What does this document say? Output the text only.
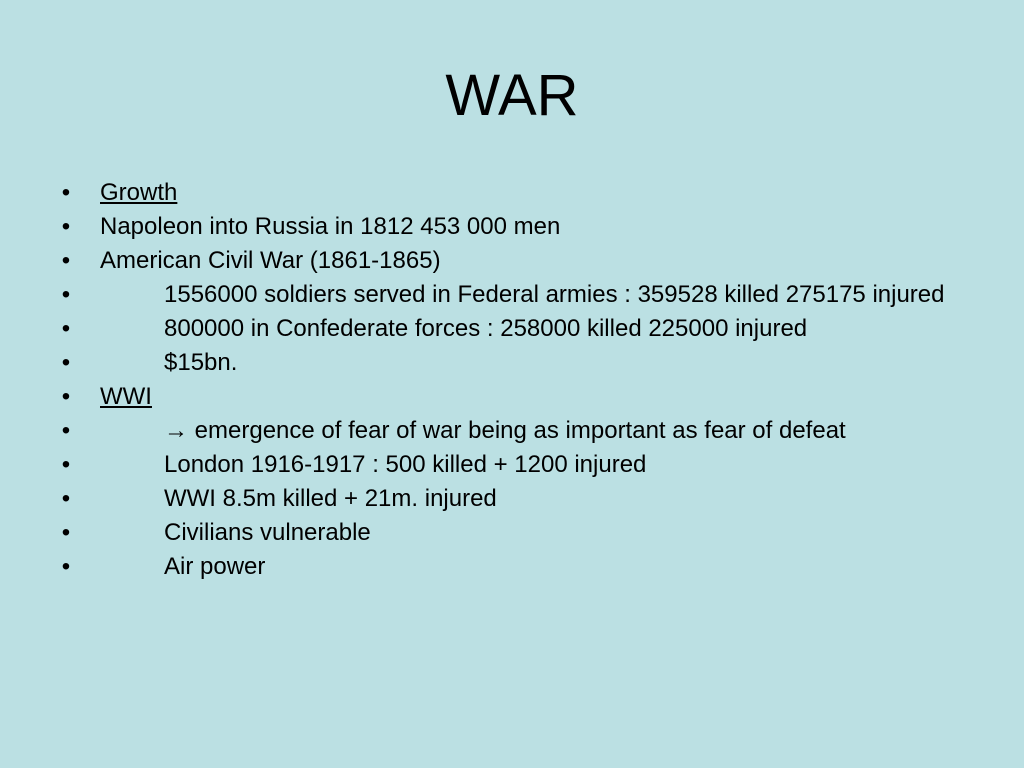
WAR
• Growth
• Napoleon into Russia in 1812 453 000 men
• American Civil War (1861-1865)
•	1556000 soldiers served in Federal armies : 359528 killed 275175 injured
•	800000 in Confederate forces : 258000 killed 225000 injured
•	$15bn.
• WWI
•	→ emergence of fear of war being as important as fear of defeat
•	London 1916-1917 : 500 killed + 1200 injured
•	WWI 8.5m killed + 21m. injured
•	Civilians vulnerable
•	Air power
